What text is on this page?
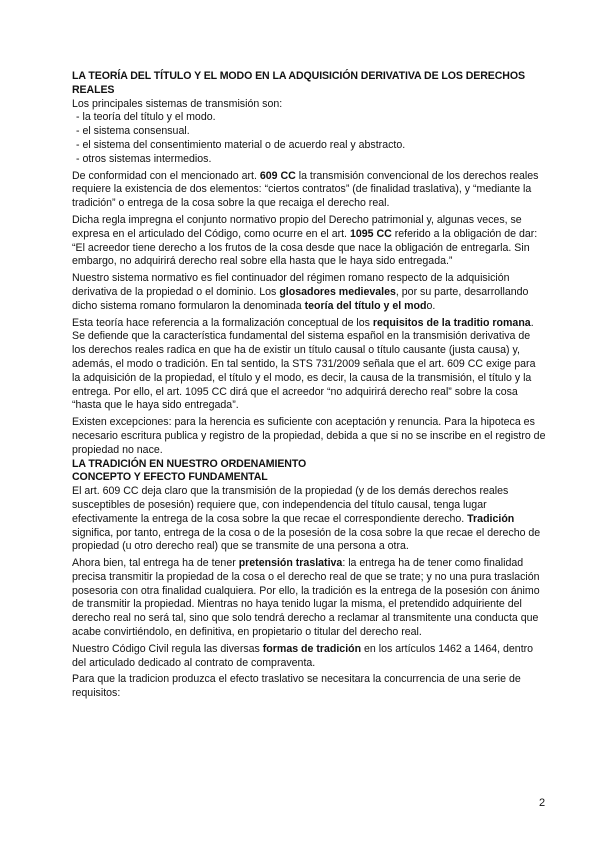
LA TEORÍA DEL TÍTULO Y EL MODO EN LA ADQUISICIÓN DERIVATIVA DE LOS DERECHOS REALES

Los principales sistemas de transmisión son:

- la teoría del título y el modo.
- el sistema consensual.
- el sistema del consentimiento material o de acuerdo real y abstracto.
- otros sistemas intermedios.

De conformidad con el mencionado art. 609 CC la transmisión convencional de los derechos reales requiere la existencia de dos elementos: “ciertos contratos” (de finalidad traslativa), y “mediante la tradición” o entrega de la cosa sobre la que recaiga el derecho real.

Dicha regla impregna el conjunto normativo propio del Derecho patrimonial y, algunas veces, se expresa en el articulado del Código, como ocurre en el art. 1095 CC referido a la obligación de dar: “El acreedor tiene derecho a los frutos de la cosa desde que nace la obligación de entregarla. Sin embargo, no adquirirá derecho real sobre ella hasta que le haya sido entregada.”

Nuestro sistema normativo es fiel continuador del régimen romano respecto de la adquisición derivativa de la propiedad o el dominio. Los glosadores medievales, por su parte, desarrollando dicho sistema romano formularon la denominada teoría del título y el modo.

Esta teoría hace referencia a la formalización conceptual de los requisitos de la traditio romana. Se defiende que la característica fundamental del sistema español en la transmisión derivativa de los derechos reales radica en que ha de existir un título causal o título causante (justa causa) y, además, el modo o tradición. En tal sentido, la STS 731/2009 señala que el art. 609 CC exige para la adquisición de la propiedad, el título y el modo, es decir, la causa de la transmisión, el título y la entrega. Por ello, el art. 1095 CC dirá que el acreedor “no adquirirá derecho real” sobre la cosa “hasta que le haya sido entregada”.

Existen excepciones: para la herencia es suficiente con aceptación y renuncia. Para la hipoteca es necesario escritura publica y registro de la propiedad, debida a que si no se inscribe en el registro de propiedad no nace.

LA TRADICIÓN EN NUESTRO ORDENAMIENTO
CONCEPTO Y EFECTO FUNDAMENTAL

El art. 609 CC deja claro que la transmisión de la propiedad (y de los demás derechos reales susceptibles de posesión) requiere que, con independencia del título causal, tenga lugar efectivamente la entrega de la cosa sobre la que recae el correspondiente derecho. Tradición significa, por tanto, entrega de la cosa o de la posesión de la cosa sobre la que recae el derecho de propiedad (u otro derecho real) que se transmite de una persona a otra.

Ahora bien, tal entrega ha de tener pretensión traslativa: la entrega ha de tener como finalidad precisa transmitir la propiedad de la cosa o el derecho real de que se trate; y no una pura traslación posesoria con otra finalidad cualquiera. Por ello, la tradición es la entrega de la posesión con ánimo de transmitir la propiedad. Mientras no haya tenido lugar la misma, el pretendido adquiriente del derecho real no será tal, sino que solo tendrá derecho a reclamar al transmitente una conducta que acabe convirtiéndolo, en definitiva, en propietario o titular del derecho real.

Nuestro Código Civil regula las diversas formas de tradición en los artículos 1462 a 1464, dentro del articulado dedicado al contrato de compraventa.

Para que la tradicion produzca el efecto traslativo se necesitara la concurrencia de una serie de requisitos:

2
